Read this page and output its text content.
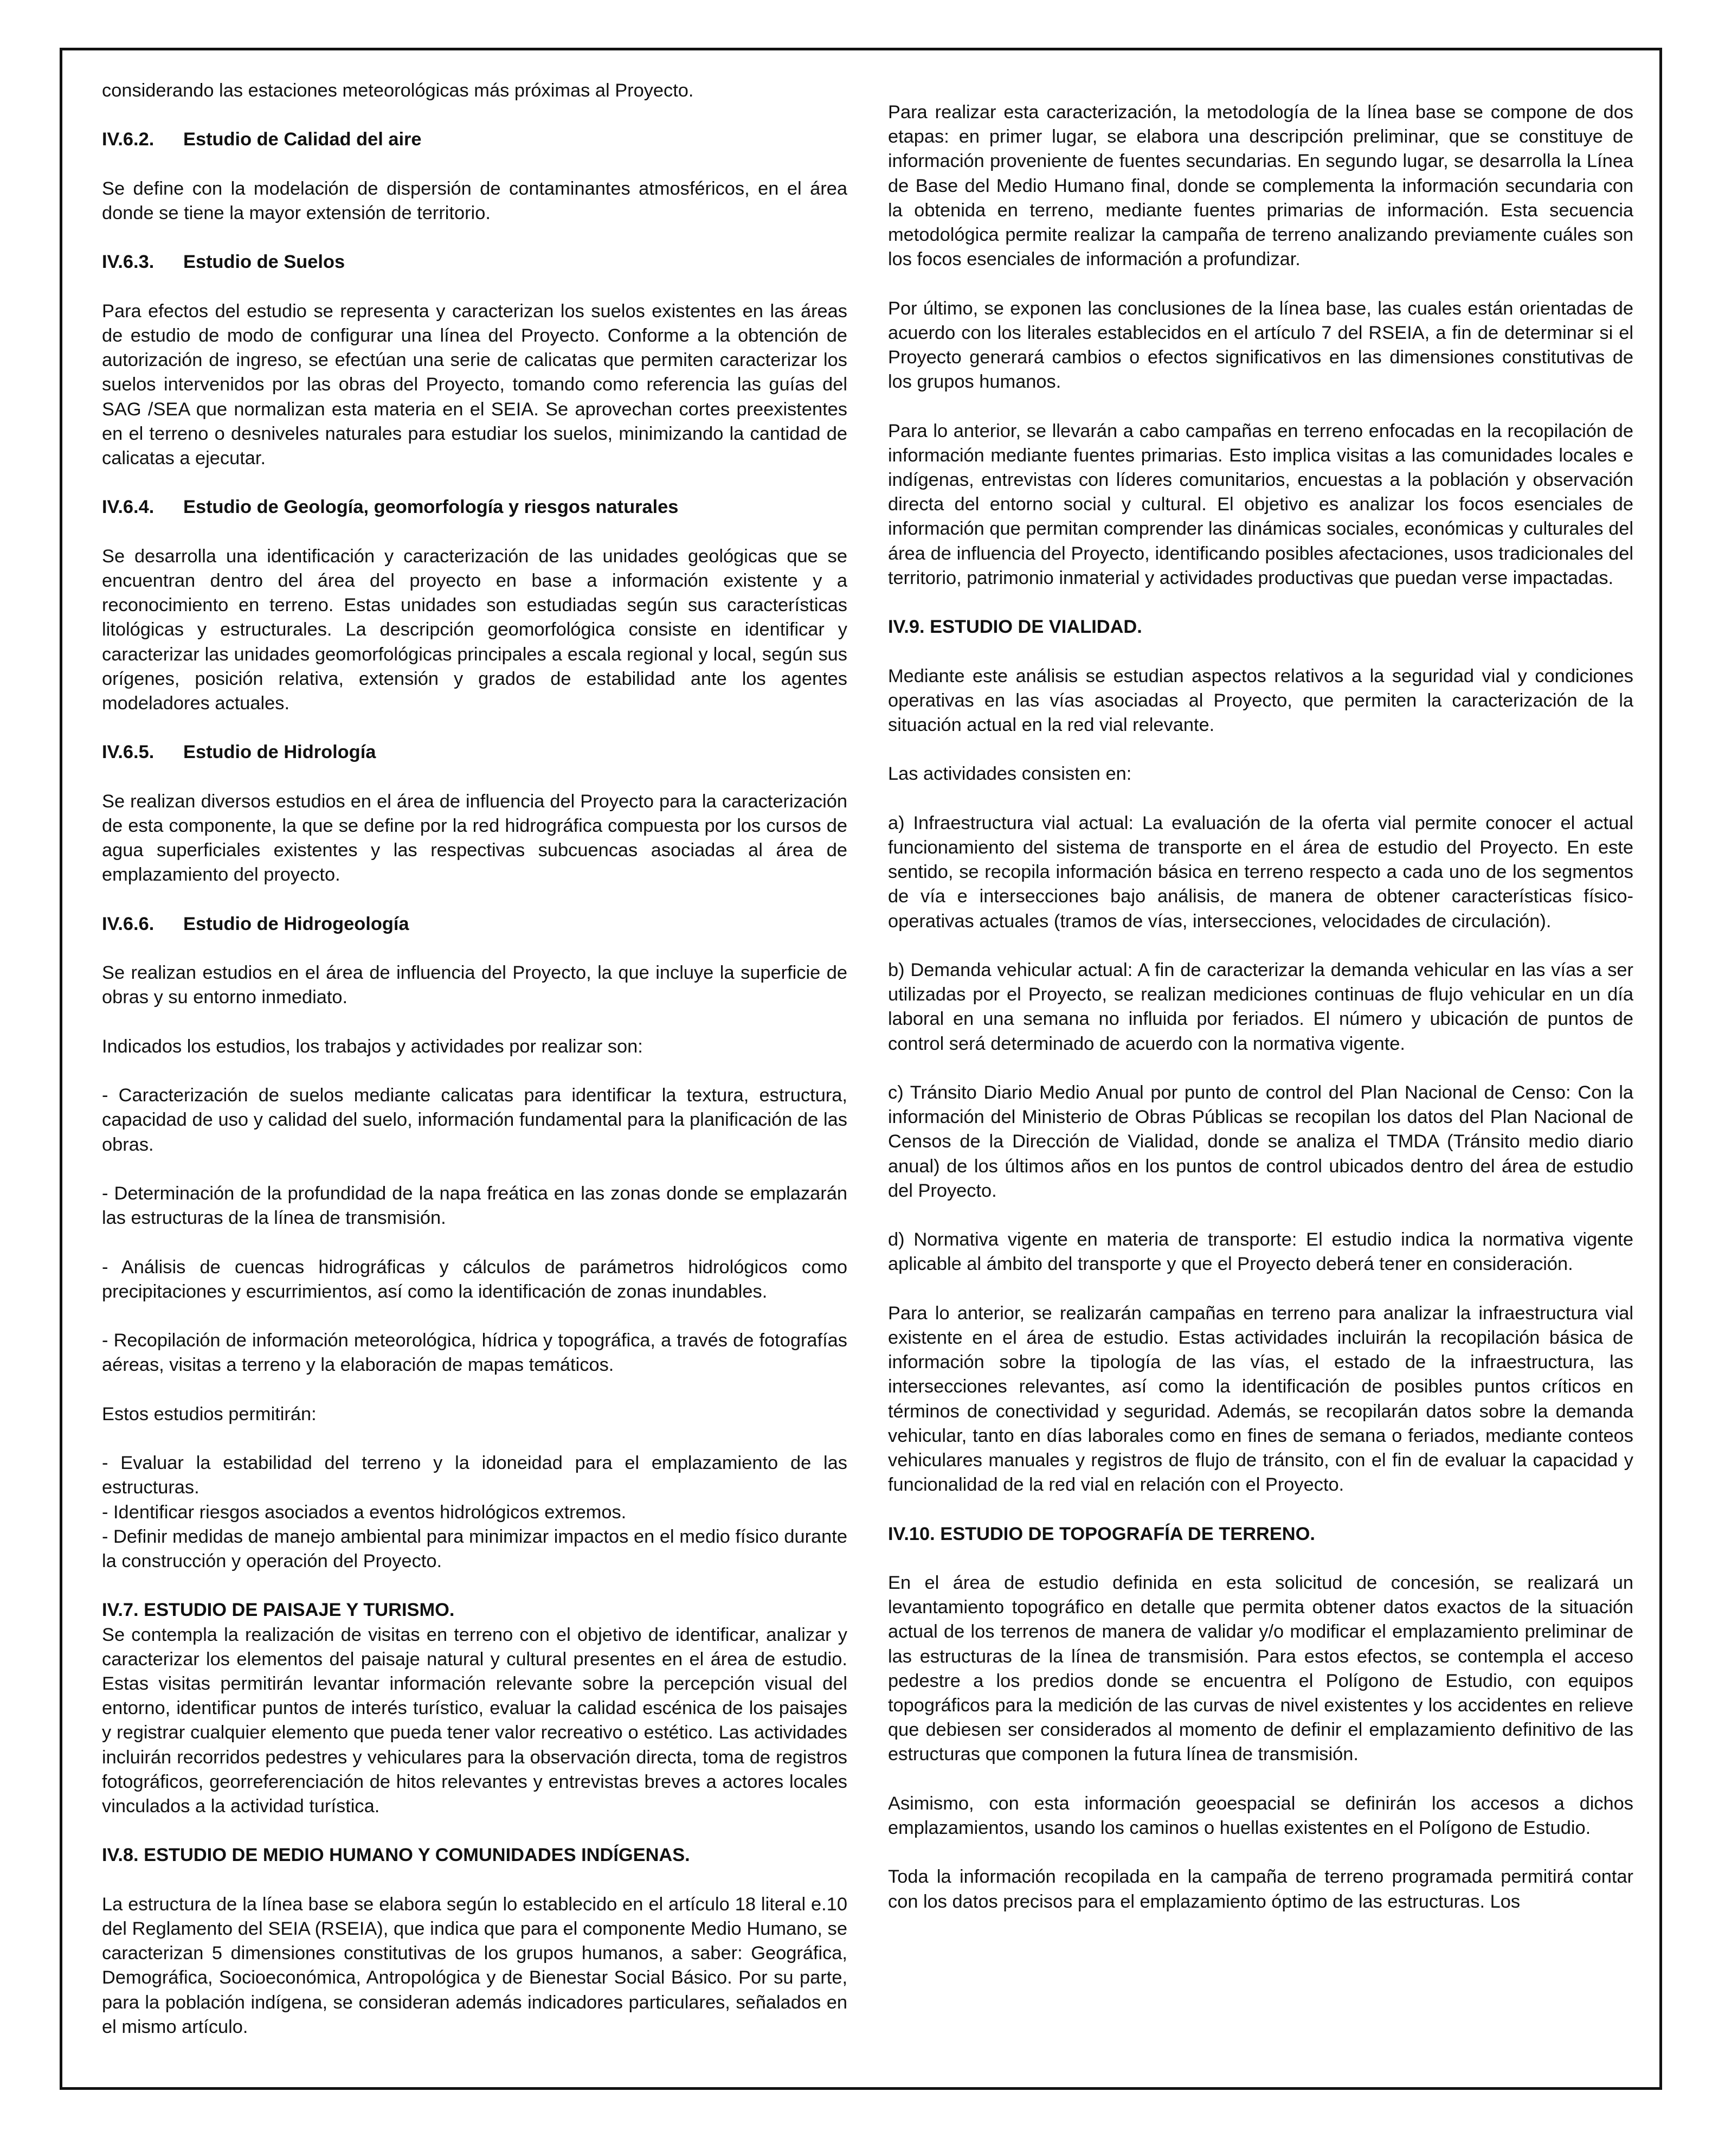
considerando las estaciones meteorológicas más próximas al Proyecto.

IV.6.2. Estudio de Calidad del aire

Se define con la modelación de dispersión de contaminantes atmosféricos, en el área donde se tiene la mayor extensión de territorio.

IV.6.3. Estudio de Suelos

Para efectos del estudio se representa y caracterizan los suelos existentes en las áreas de estudio de modo de configurar una línea del Proyecto. Conforme a la obtención de autorización de ingreso, se efectúan una serie de calicatas que permiten caracterizar los suelos intervenidos por las obras del Proyecto, tomando como referencia las guías del SAG /SEA que normalizan esta materia en el SEIA. Se aprovechan cortes preexistentes en el terreno o desniveles naturales para estudiar los suelos, minimizando la cantidad de calicatas a ejecutar.

IV.6.4. Estudio de Geología, geomorfología y riesgos naturales

Se desarrolla una identificación y caracterización de las unidades geológicas que se encuentran dentro del área del proyecto en base a información existente y a reconocimiento en terreno. Estas unidades son estudiadas según sus características litológicas y estructurales. La descripción geomorfológica consiste en identificar y caracterizar las unidades geomorfológicas principales a escala regional y local, según sus orígenes, posición relativa, extensión y grados de estabilidad ante los agentes modeladores actuales.

IV.6.5. Estudio de Hidrología

Se realizan diversos estudios en el área de influencia del Proyecto para la caracterización de esta componente, la que se define por la red hidrográfica compuesta por los cursos de agua superficiales existentes y las respectivas subcuencas asociadas al área de emplazamiento del proyecto.

IV.6.6. Estudio de Hidrogeología

Se realizan estudios en el área de influencia del Proyecto, la que incluye la superficie de obras y su entorno inmediato.

Indicados los estudios, los trabajos y actividades por realizar son:

- Caracterización de suelos mediante calicatas para identificar la textura, estructura, capacidad de uso y calidad del suelo, información fundamental para la planificación de las obras.

- Determinación de la profundidad de la napa freática en las zonas donde se emplazarán las estructuras de la línea de transmisión.

- Análisis de cuencas hidrográficas y cálculos de parámetros hidrológicos como precipitaciones y escurrimientos, así como la identificación de zonas inundables.

- Recopilación de información meteorológica, hídrica y topográfica, a través de fotografías aéreas, visitas a terreno y la elaboración de mapas temáticos.

Estos estudios permitirán:

- Evaluar la estabilidad del terreno y la idoneidad para el emplazamiento de las estructuras.

- Identificar riesgos asociados a eventos hidrológicos extremos.

- Definir medidas de manejo ambiental para minimizar impactos en el medio físico durante la construcción y operación del Proyecto.

IV.7. ESTUDIO DE PAISAJE Y TURISMO.

Se contempla la realización de visitas en terreno con el objetivo de identificar, analizar y caracterizar los elementos del paisaje natural y cultural presentes en el área de estudio. Estas visitas permitirán levantar información relevante sobre la percepción visual del entorno, identificar puntos de interés turístico, evaluar la calidad escénica de los paisajes y registrar cualquier elemento que pueda tener valor recreativo o estético. Las actividades incluirán recorridos pedestres y vehiculares para la observación directa, toma de registros fotográficos, georreferenciación de hitos relevantes y entrevistas breves a actores locales vinculados a la actividad turística.

IV.8. ESTUDIO DE MEDIO HUMANO Y COMUNIDADES INDÍGENAS.

La estructura de la línea base se elabora según lo establecido en el artículo 18 literal e.10 del Reglamento del SEIA (RSEIA), que indica que para el componente Medio Humano, se caracterizan 5 dimensiones constitutivas de los grupos humanos, a saber: Geográfica, Demográfica, Socioeconómica, Antropológica y de Bienestar Social Básico. Por su parte, para la población indígena, se consideran además indicadores particulares, señalados en el mismo artículo.

Para realizar esta caracterización, la metodología de la línea base se compone de dos etapas: en primer lugar, se elabora una descripción preliminar, que se constituye de información proveniente de fuentes secundarias. En segundo lugar, se desarrolla la Línea de Base del Medio Humano final, donde se complementa la información secundaria con la obtenida en terreno, mediante fuentes primarias de información. Esta secuencia metodológica permite realizar la campaña de terreno analizando previamente cuáles son los focos esenciales de información a profundizar.

Por último, se exponen las conclusiones de la línea base, las cuales están orientadas de acuerdo con los literales establecidos en el artículo 7 del RSEIA, a fin de determinar si el Proyecto generará cambios o efectos significativos en las dimensiones constitutivas de los grupos humanos.

Para lo anterior, se llevarán a cabo campañas en terreno enfocadas en la recopilación de información mediante fuentes primarias. Esto implica visitas a las comunidades locales e indígenas, entrevistas con líderes comunitarios, encuestas a la población y observación directa del entorno social y cultural. El objetivo es analizar los focos esenciales de información que permitan comprender las dinámicas sociales, económicas y culturales del área de influencia del Proyecto, identificando posibles afectaciones, usos tradicionales del territorio, patrimonio inmaterial y actividades productivas que puedan verse impactadas.

IV.9. ESTUDIO DE VIALIDAD.

Mediante este análisis se estudian aspectos relativos a la seguridad vial y condiciones operativas en las vías asociadas al Proyecto, que permiten la caracterización de la situación actual en la red vial relevante.

Las actividades consisten en:

a) Infraestructura vial actual: La evaluación de la oferta vial permite conocer el actual funcionamiento del sistema de transporte en el área de estudio del Proyecto. En este sentido, se recopila información básica en terreno respecto a cada uno de los segmentos de vía e intersecciones bajo análisis, de manera de obtener características físico-operativas actuales (tramos de vías, intersecciones, velocidades de circulación).

b) Demanda vehicular actual: A fin de caracterizar la demanda vehicular en las vías a ser utilizadas por el Proyecto, se realizan mediciones continuas de flujo vehicular en un día laboral en una semana no influida por feriados. El número y ubicación de puntos de control será determinado de acuerdo con la normativa vigente.

c) Tránsito Diario Medio Anual por punto de control del Plan Nacional de Censo: Con la información del Ministerio de Obras Públicas se recopilan los datos del Plan Nacional de Censos de la Dirección de Vialidad, donde se analiza el TMDA (Tránsito medio diario anual) de los últimos años en los puntos de control ubicados dentro del área de estudio del Proyecto.

d) Normativa vigente en materia de transporte: El estudio indica la normativa vigente aplicable al ámbito del transporte y que el Proyecto deberá tener en consideración.

Para lo anterior, se realizarán campañas en terreno para analizar la infraestructura vial existente en el área de estudio. Estas actividades incluirán la recopilación básica de información sobre la tipología de las vías, el estado de la infraestructura, las intersecciones relevantes, así como la identificación de posibles puntos críticos en términos de conectividad y seguridad. Además, se recopilarán datos sobre la demanda vehicular, tanto en días laborales como en fines de semana o feriados, mediante conteos vehiculares manuales y registros de flujo de tránsito, con el fin de evaluar la capacidad y funcionalidad de la red vial en relación con el Proyecto.

IV.10. ESTUDIO DE TOPOGRAFÍA DE TERRENO.

En el área de estudio definida en esta solicitud de concesión, se realizará un levantamiento topográfico en detalle que permita obtener datos exactos de la situación actual de los terrenos de manera de validar y/o modificar el emplazamiento preliminar de las estructuras de la línea de transmisión. Para estos efectos, se contempla el acceso pedestre a los predios donde se encuentra el Polígono de Estudio, con equipos topográficos para la medición de las curvas de nivel existentes y los accidentes en relieve que debiesen ser considerados al momento de definir el emplazamiento definitivo de las estructuras que componen la futura línea de transmisión.

Asimismo, con esta información geoespacial se definirán los accesos a dichos emplazamientos, usando los caminos o huellas existentes en el Polígono de Estudio.

Toda la información recopilada en la campaña de terreno programada permitirá contar con los datos precisos para el emplazamiento óptimo de las estructuras. Los
